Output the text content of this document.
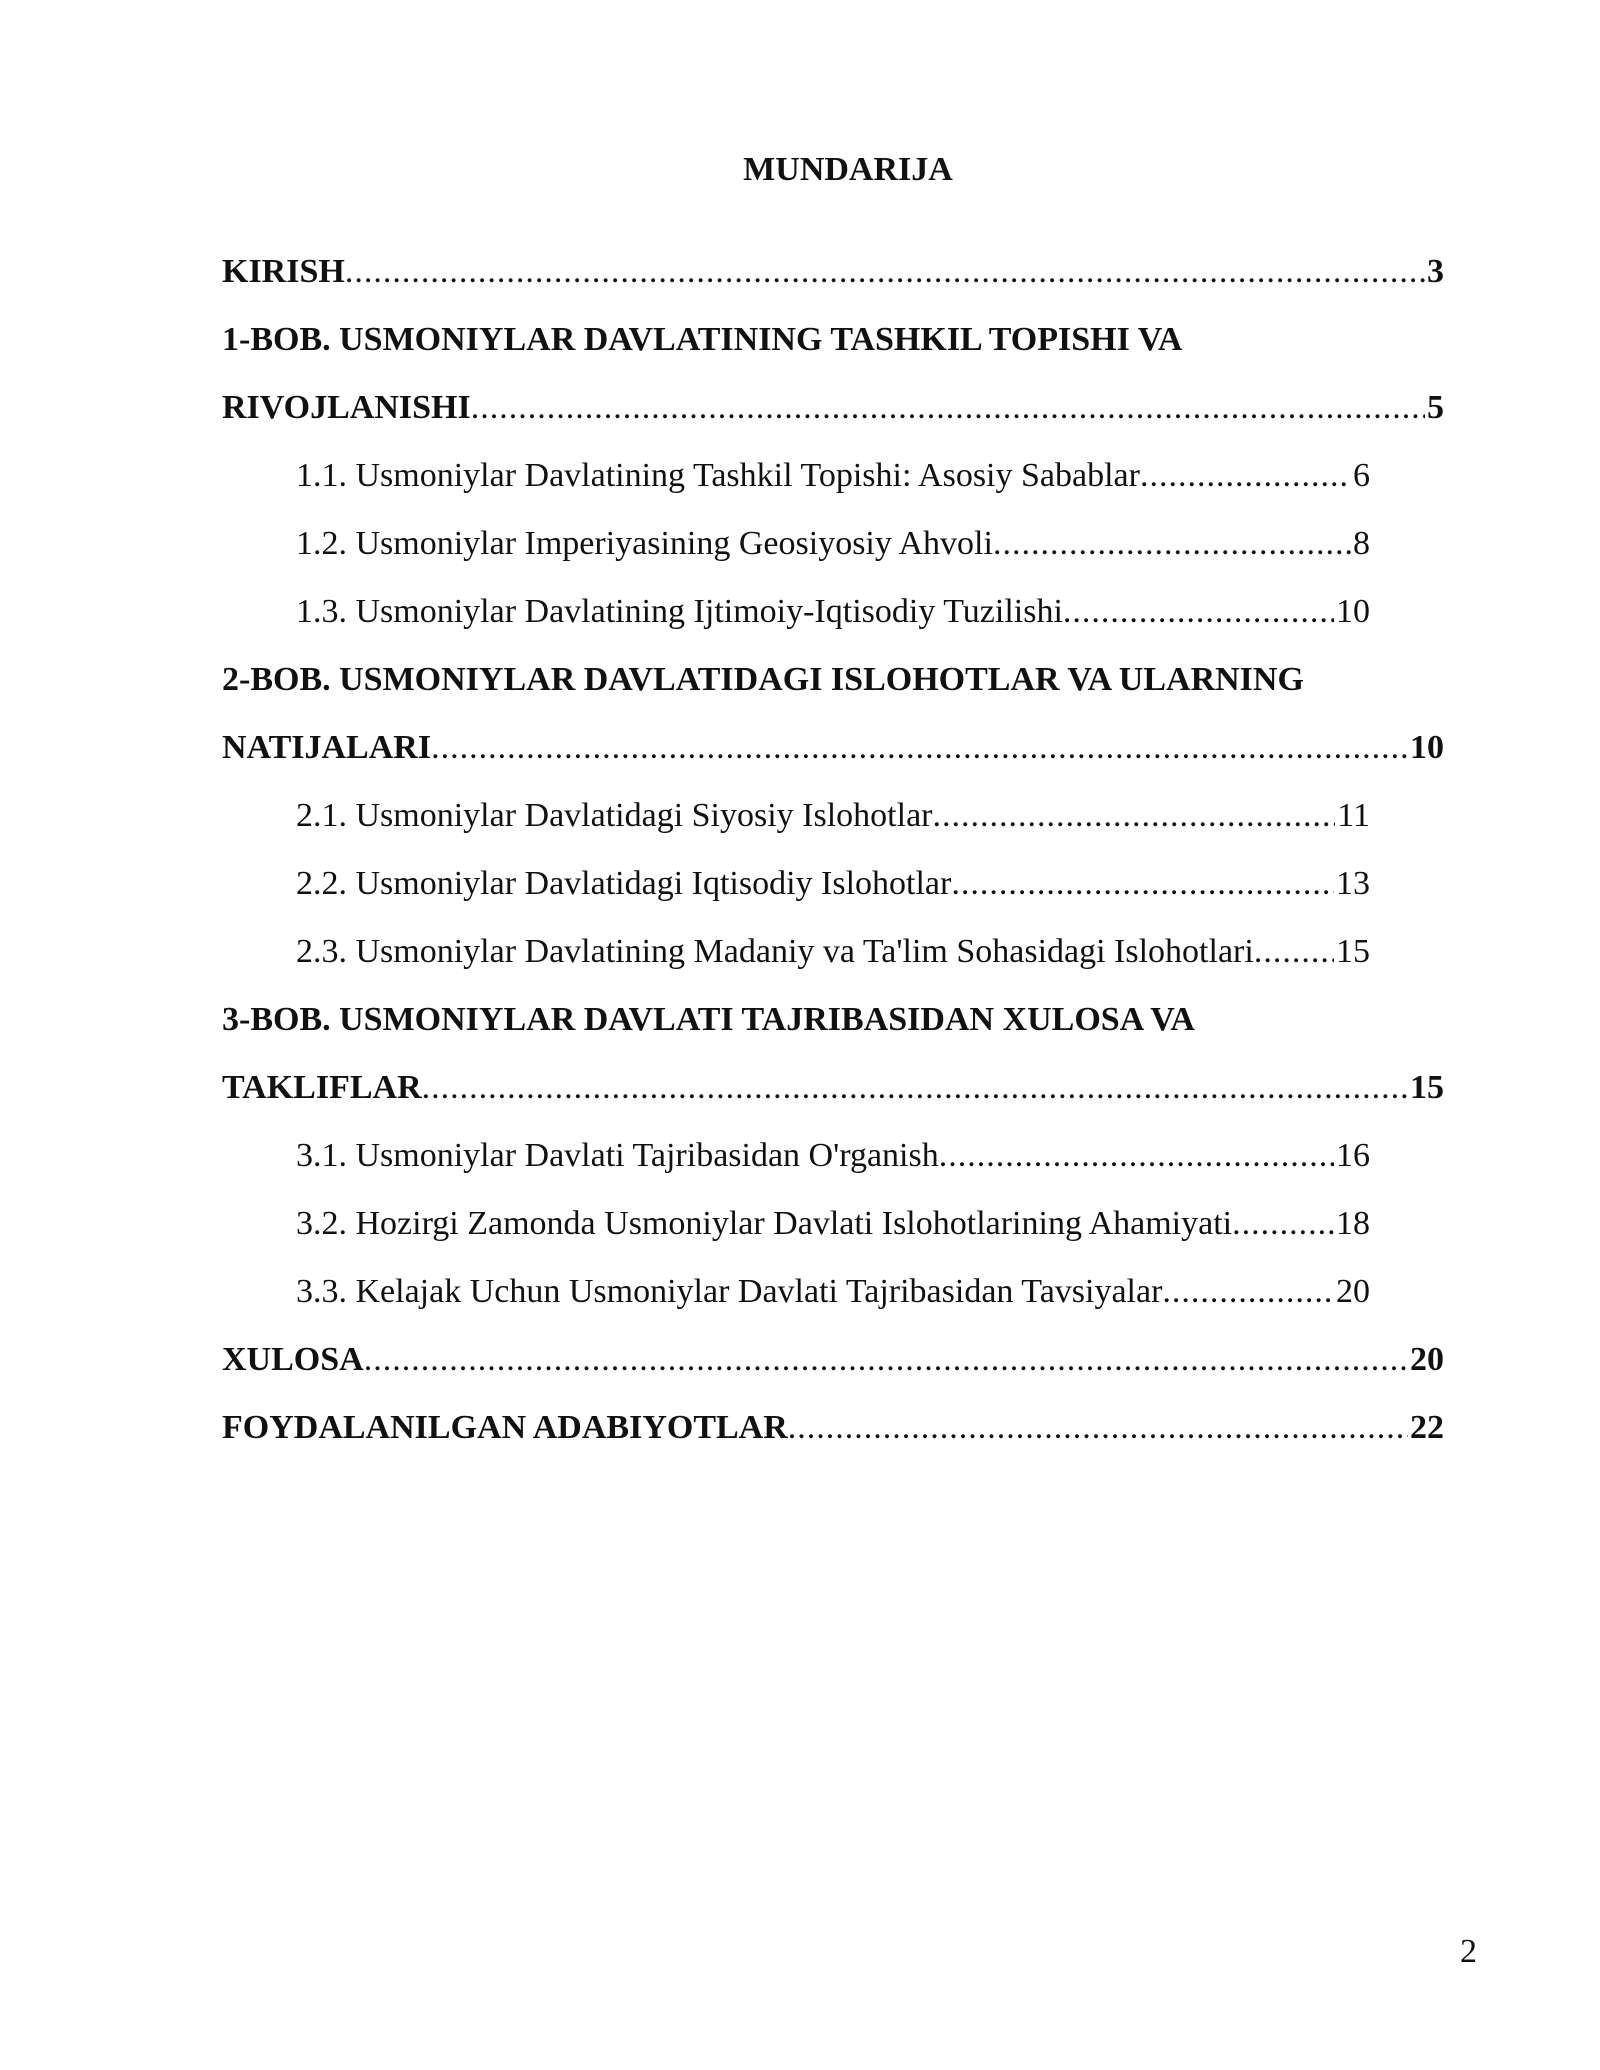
MUNDARIJA
KIRISH .....	3
1-BOB. USMONIYLAR DAVLATINING TASHKIL TOPISHI VA
RIVOJLANISHI .....	5
1.1. Usmoniylar Davlatining Tashkil Topishi: Asosiy Sabablar .....	6
1.2. Usmoniylar Imperiyasining Geosiyosiy Ahvoli .....	8
1.3. Usmoniylar Davlatining Ijtimoiy-Iqtisodiy Tuzilishi .....	10
2-BOB. USMONIYLAR DAVLATIDAGI ISLOHOTLAR VA ULARNING
NATIJALARI .....	10
2.1. Usmoniylar Davlatidagi Siyosiy Islohotlar .....	11
2.2. Usmoniylar Davlatidagi Iqtisodiy Islohotlar .....	13
2.3. Usmoniylar Davlatining Madaniy va Ta'lim Sohasidagi Islohotlari ..... 15
3-BOB. USMONIYLAR DAVLATI TAJRIBASIDAN XULOSA VA
TAKLIFLAR .....	15
3.1. Usmoniylar Davlati Tajribasidan O'rganish .....	16
3.2. Hozirgi Zamonda Usmoniylar Davlati Islohotlarining Ahamiyati .....	18
3.3. Kelajak Uchun Usmoniylar Davlati Tajribasidan Tavsiyalar .....	20
XULOSA .....	20
FOYDALANILGAN ADABIYOTLAR .....	22
2
